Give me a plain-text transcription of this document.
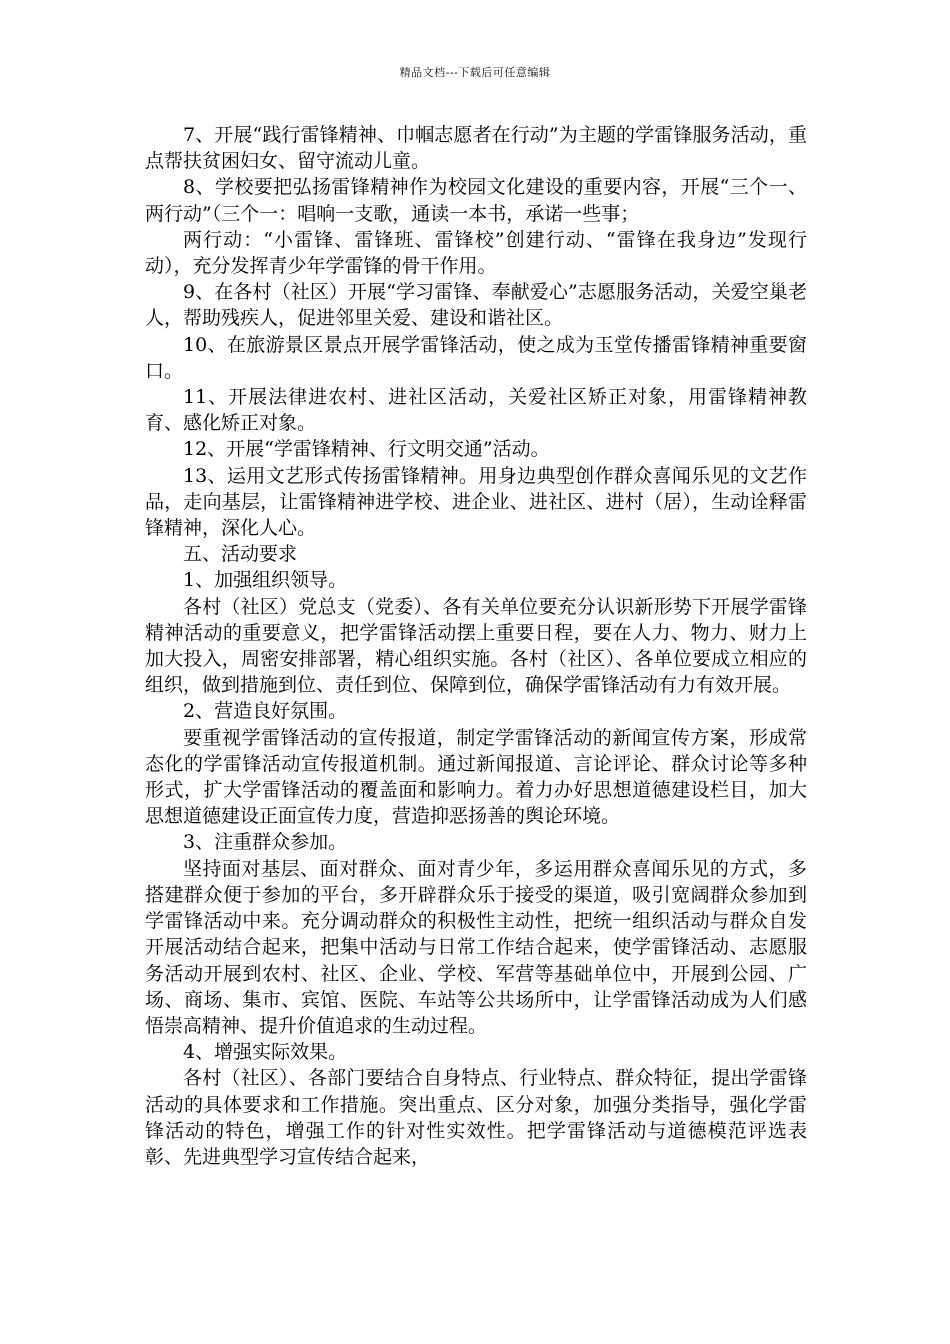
精品文档---下载后可任意编辑

7、开展“践行雷锋精神、巾帼志愿者在行动”为主题的学雷锋服务活动，重点帮扶贫困妇女、留守流动儿童。

8、学校要把弘扬雷锋精神作为校园文化建设的重要内容，开展“三个一、两行动”（三个一：唱响一支歌，通读一本书，承诺一些事；

两行动：“小雷锋、雷锋班、雷锋校”创建行动、“雷锋在我身边”发现行动），充分发挥青少年学雷锋的骨干作用。

9、在各村（社区）开展“学习雷锋、奉献爱心”志愿服务活动，关爱空巢老人，帮助残疾人，促进邻里关爱、建设和谐社区。

10、在旅游景区景点开展学雷锋活动，使之成为玉堂传播雷锋精神重要窗口。

11、开展法律进农村、进社区活动，关爱社区矫正对象，用雷锋精神教育、感化矫正对象。

12、开展“学雷锋精神、行文明交通”活动。

13、运用文艺形式传扬雷锋精神。用身边典型创作群众喜闻乐见的文艺作品，走向基层，让雷锋精神进学校、进企业、进社区、进村（居），生动诠释雷锋精神，深化人心。

五、活动要求

1、加强组织领导。

各村（社区）党总支（党委）、各有关单位要充分认识新形势下开展学雷锋精神活动的重要意义，把学雷锋活动摆上重要日程，要在人力、物力、财力上加大投入，周密安排部署，精心组织实施。各村（社区）、各单位要成立相应的组织，做到措施到位、责任到位、保障到位，确保学雷锋活动有力有效开展。

2、营造良好氛围。

要重视学雷锋活动的宣传报道，制定学雷锋活动的新闻宣传方案，形成常态化的学雷锋活动宣传报道机制。通过新闻报道、言论评论、群众讨论等多种形式，扩大学雷锋活动的覆盖面和影响力。着力办好思想道德建设栏目，加大思想道德建设正面宣传力度，营造抑恶扬善的舆论环境。

3、注重群众参加。

坚持面对基层、面对群众、面对青少年，多运用群众喜闻乐见的方式，多搭建群众便于参加的平台，多开辟群众乐于接受的渠道，吸引宽阔群众参加到学雷锋活动中来。充分调动群众的积极性主动性，把统一组织活动与群众自发开展活动结合起来，把集中活动与日常工作结合起来，使学雷锋活动、志愿服务活动开展到农村、社区、企业、学校、军营等基础单位中，开展到公园、广场、商场、集市、宾馆、医院、车站等公共场所中，让学雷锋活动成为人们感悟崇高精神、提升价值追求的生动过程。

4、增强实际效果。

各村（社区）、各部门要结合自身特点、行业特点、群众特征，提出学雷锋活动的具体要求和工作措施。突出重点、区分对象，加强分类指导，强化学雷锋活动的特色，增强工作的针对性实效性。把学雷锋活动与道德模范评选表彰、先进典型学习宣传结合起来，
